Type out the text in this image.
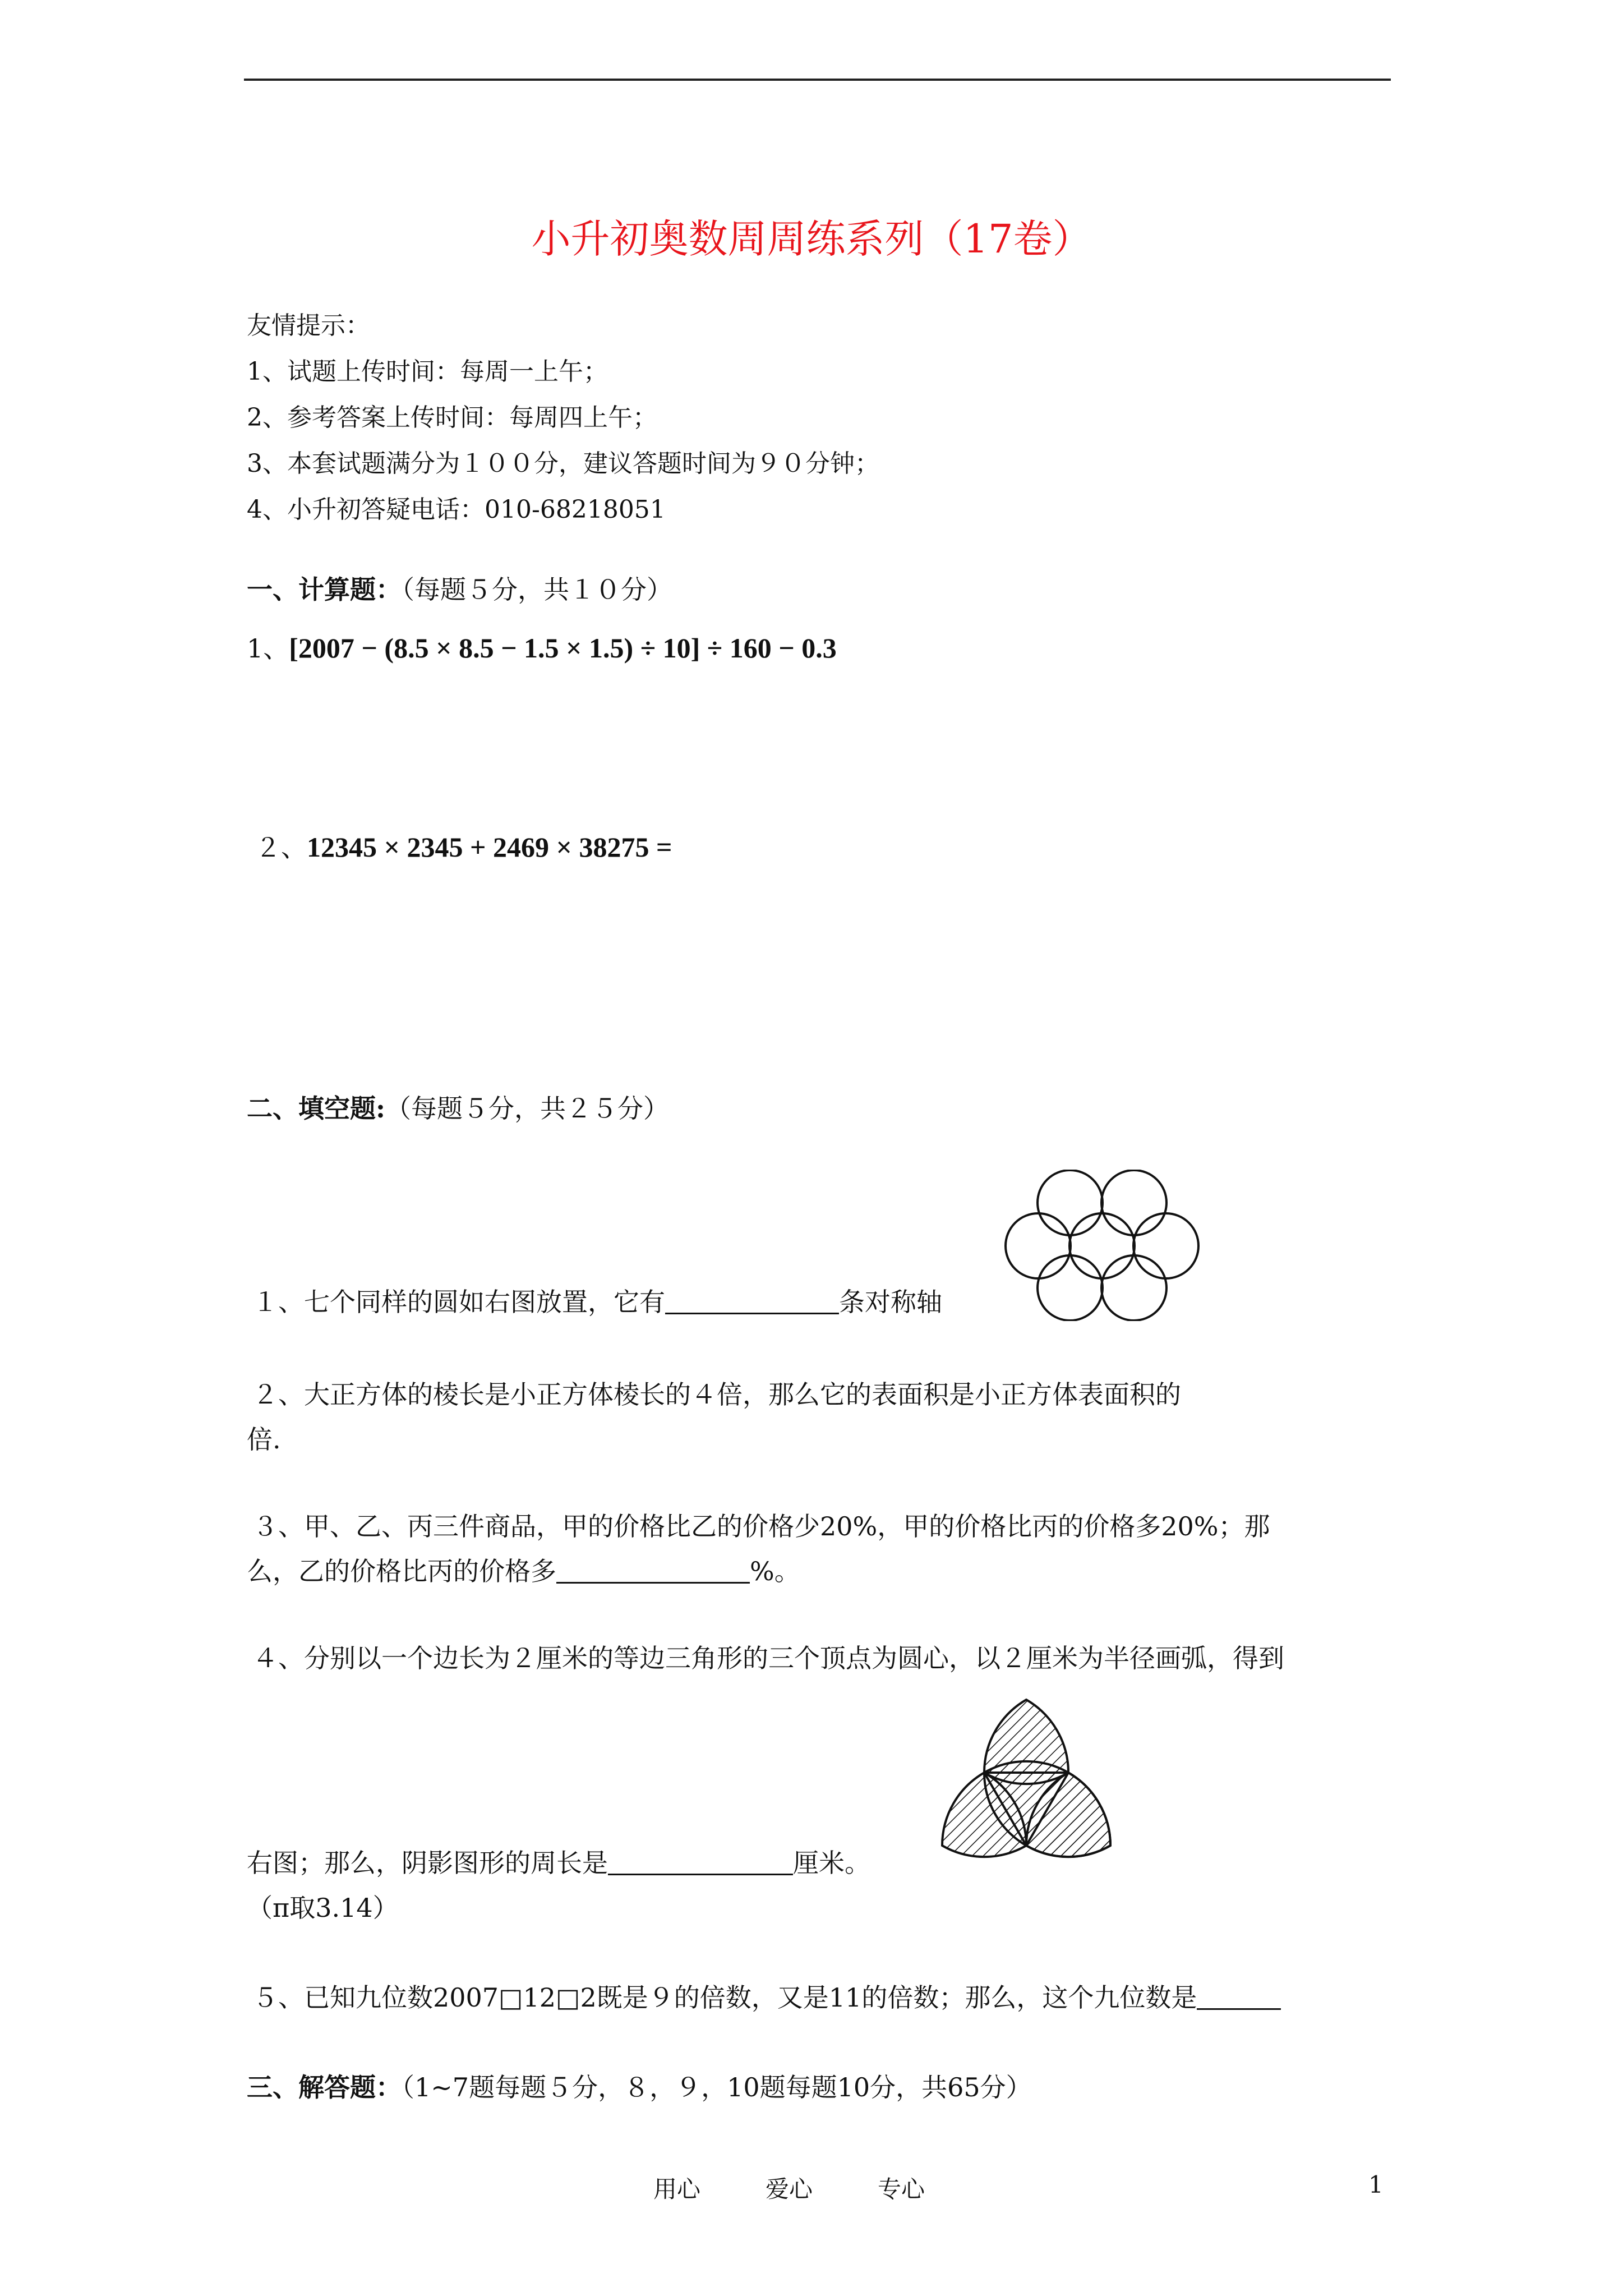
小升初奥数周周练系列（17卷）
友情提示：
1、试题上传时间：每周一上午；
2、参考答案上传时间：每周四上午；
3、本套试题满分为１００分，建议答题时间为９０分钟；
4、小升初答疑电话：010-68218051
一、计算题：（每题５分，共１０分）
1、[2007 − (8.5 × 8.5 − 1.5 × 1.5) ÷ 10] ÷ 160 − 0.3
２、12345 × 2345 + 2469 × 38275 =
二、填空题:（每题５分，共２５分）
１、七个同样的圆如右图放置，它有	条对称轴
２、大正方体的棱长是小正方体棱长的４倍，那么它的表面积是小正方体表面积的
倍.
３、甲、乙、丙三件商品，甲的价格比乙的价格少20%，甲的价格比丙的价格多20%；那
么，乙的价格比丙的价格多	%。
４、分别以一个边长为２厘米的等边三角形的三个顶点为圆心，以２厘米为半径画弧，得到
右图；那么，阴影图形的周长是	厘米。
（π取3.14）
５、已知九位数2007□12□2既是９的倍数，又是11的倍数；那么，这个九位数是
三、解答题：（1~7题每题５分，８，９，10题每题10分，共65分）
用心	爱心	专心	1
